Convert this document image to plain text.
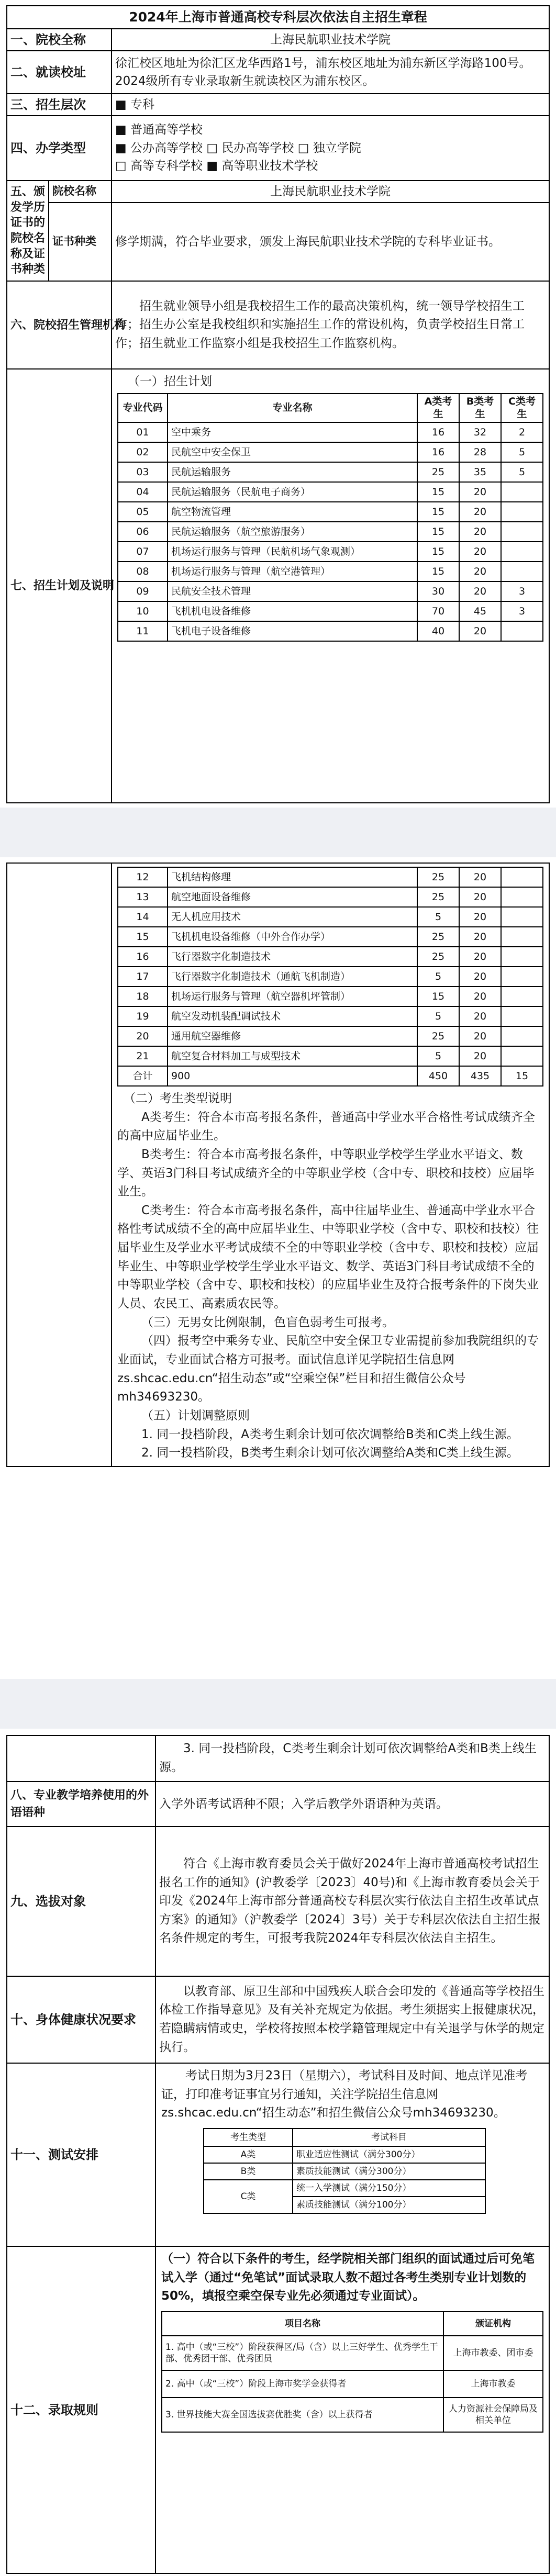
2024年上海市普通高校专科层次依法自主招生章程
一、院校全称	上海民航职业技术学院
二、就读校址	徐汇校区地址为徐汇区龙华西路1号，浦东校区地址为浦东新区学海路100号。2024级所有专业录取新生就读校区为浦东校区。
三、招生层次	■ 专科
四、办学类型	
■ 普通高等学校
■ 公办高等学校 □ 民办高等学校 □ 独立学院
□ 高等专科学校 ■ 高等职业技术学校

五、颁发学历证书的院校名称及证书种类	院校名称	上海民航职业技术学院
证书种类	修学期满，符合毕业要求，颁发上海民航职业技术学院的专科毕业证书。
六、院校招生管理机构	招生就业领导小组是我校招生工作的最高决策机构，统一领导学校招生工作；招生办公室是我校组织和实施招生工作的常设机构，负责学校招生日常工作；招生就业工作监察小组是我校招生工作监察机构。
七、招生计划及说明	
（一）招生计划
专业代码	专业名称	A类考生	B类考生	C类考生
01	空中乘务	16	32	2
02	民航空中安全保卫	16	28	5
03	民航运输服务	25	35	5
04	民航运输服务（民航电子商务）	15	20	
05	航空物流管理	15	20	
06	民航运输服务（航空旅游服务）	15	20	
07	机场运行服务与管理（民航机场气象观测）	15	20	
08	机场运行服务与管理（航空港管理）	15	20	
09	民航安全技术管理	30	20	3
10	飞机机电设备维修	70	45	3
11	飞机电子设备维修	40	20	

12	飞机结构修理	25	20	
13	航空地面设备维修	25	20	
14	无人机应用技术	5	20	
15	飞机机电设备维修（中外合作办学）	25	20	
16	飞行器数字化制造技术	25	20	
17	飞行器数字化制造技术（通航飞机制造）	5	20	
18	机场运行服务与管理（航空器机坪管制）	15	20	
19	航空发动机装配调试技术	5	20	
20	通用航空器维修	25	20	
21	航空复合材料加工与成型技术	5	20	
合计	900	450	435	15
（二）考生类型说明
A类考生：符合本市高考报名条件，普通高中学业水平合格性考试成绩齐全的高中应届毕业生。
B类考生：符合本市高考报名条件，中等职业学校学生学业水平语文、数学、英语3门科目考试成绩齐全的中等职业学校（含中专、职校和技校）应届毕业生。
C类考生：符合本市高考报名条件，高中往届毕业生、普通高中学业水平合格性考试成绩不全的高中应届毕业生、中等职业学校（含中专、职校和技校）往届毕业生及学业水平考试成绩不全的中等职业学校（含中专、职校和技校）应届毕业生、中等职业学校学生学业水平语文、数学、英语3门科目考试成绩不全的中等职业学校（含中专、职校和技校）的应届毕业生及符合报考条件的下岗失业人员、农民工、高素质农民等。
（三）无男女比例限制，色盲色弱考生可报考。
（四）报考空中乘务专业、民航空中安全保卫专业需提前参加我院组织的专业面试，专业面试合格方可报考。面试信息详见学院招生信息网zs.shcac.edu.cn“招生动态”或“空乘空保”栏目和招生微信公众号mh34693230。
（五）计划调整原则
1. 同一投档阶段，A类考生剩余计划可依次调整给B类和C类上线生源。
2. 同一投档阶段，B类考生剩余计划可依次调整给A类和C类上线生源。
	3. 同一投档阶段，C类考生剩余计划可依次调整给A类和B类上线生源。
八、专业教学培养使用的外语语种	入学外语考试语种不限；入学后教学外语语种为英语。
九、选拔对象	符合《上海市教育委员会关于做好2024年上海市普通高校考试招生报名工作的通知》(沪教委学〔2023〕40号)和《上海市教育委员会关于印发《2024年上海市部分普通高校专科层次实行依法自主招生改革试点方案》的通知》（沪教委学〔2024〕3号）关于专科层次依法自主招生报名条件规定的考生，可报考我院2024年专科层次依法自主招生。
十、身体健康状况要求	以教育部、原卫生部和中国残疾人联合会印发的《普通高等学校招生体检工作指导意见》及有关补充规定为依据。考生须据实上报健康状况，若隐瞒病情或史，学校将按照本校学籍管理规定中有关退学与休学的规定执行。
十一、测试安排	
考试日期为3月23日（星期六），考试科目及时间、地点详见准考证，打印准考证事宜另行通知，关注学院招生信息网zs.shcac.edu.cn“招生动态”和招生微信公众号mh34693230。
考生类型	考试科目
A类	职业适应性测试（满分300分）
B类	素质技能测试（满分300分）
C类	统一入学测试（满分150分）
素质技能测试（满分100分）

十二、录取规则	
（一）符合以下条件的考生，经学院相关部门组织的面试通过后可免笔试入学（通过“免笔试”面试录取人数不超过各考生类别专业计划数的50%，填报空乘空保专业先必须通过专业面试）。
项目名称	颁证机构
1. 高中（或“三校”）阶段获得区/局（含）以上三好学生、优秀学生干部、优秀团干部、优秀团员	上海市教委、团市委
2. 高中（或“三校”）阶段上海市奖学金获得者	上海市教委
3. 世界技能大赛全国选拔赛优胜奖（含）以上获得者	人力资源社会保障局及相关单位
